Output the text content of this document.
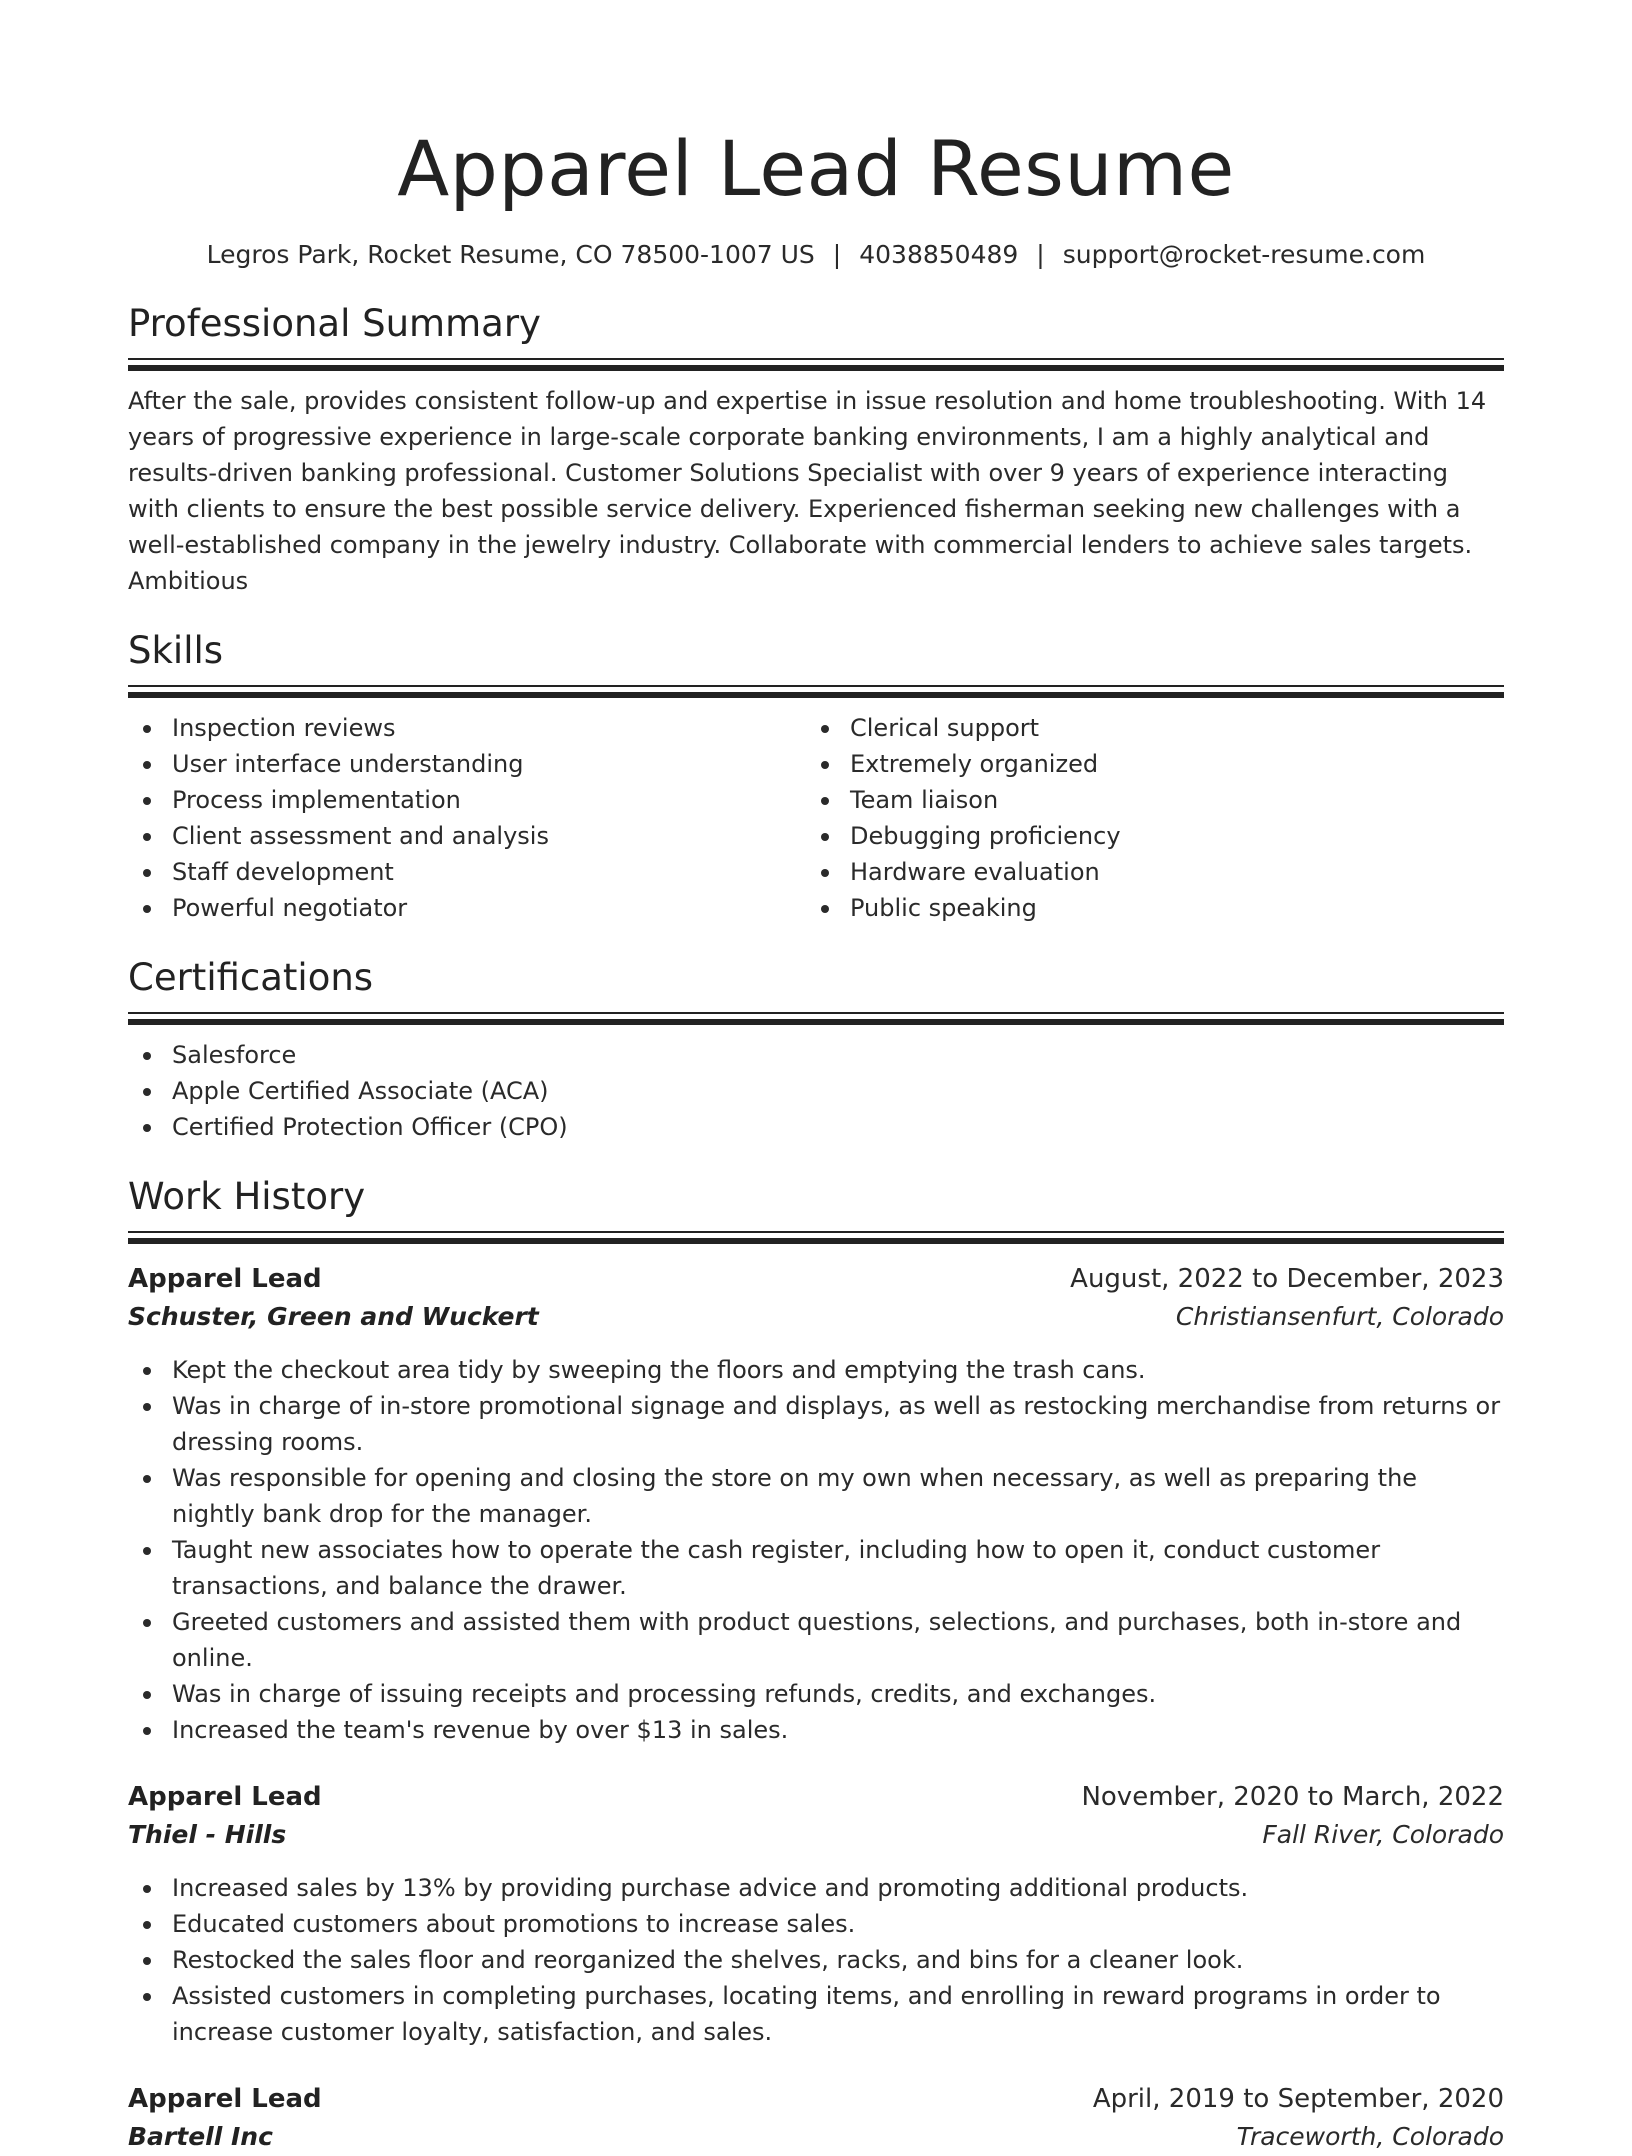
Apparel Lead Resume
Legros Park, Rocket Resume, CO 78500-1007 US | 4038850489 | support@rocket-resume.com
Professional Summary

After the sale, provides consistent follow-up and expertise in issue resolution and home troubleshooting. With 14 years of progressive experience in large-scale corporate banking environments, I am a highly analytical and results-driven banking professional. Customer Solutions Specialist with over 9 years of experience interacting with clients to ensure the best possible service delivery. Experienced fisherman seeking new challenges with a well-established company in the jewelry industry. Collaborate with commercial lenders to achieve sales targets. Ambitious

Skills
Inspection reviews
User interface understanding
Process implementation
Client assessment and analysis
Staff development
Powerful negotiator
Clerical support
Extremely organized
Team liaison
Debugging proficiency
Hardware evaluation
Public speaking
Certifications
Salesforce
Apple Certified Associate (ACA)
Certified Protection Officer (CPO)
Work History
Apparel Lead	August, 2022 to December, 2023
Schuster, Green and Wuckert	Christiansenfurt, Colorado
Kept the checkout area tidy by sweeping the floors and emptying the trash cans.
Was in charge of in-store promotional signage and displays, as well as restocking merchandise from returns or dressing rooms.
Was responsible for opening and closing the store on my own when necessary, as well as preparing the nightly bank drop for the manager.
Taught new associates how to operate the cash register, including how to open it, conduct customer transactions, and balance the drawer.
Greeted customers and assisted them with product questions, selections, and purchases, both in-store and online.
Was in charge of issuing receipts and processing refunds, credits, and exchanges.
Increased the team's revenue by over $13 in sales.
Apparel Lead	November, 2020 to March, 2022
Thiel - Hills	Fall River, Colorado
Increased sales by 13% by providing purchase advice and promoting additional products.
Educated customers about promotions to increase sales.
Restocked the sales floor and reorganized the shelves, racks, and bins for a cleaner look.
Assisted customers in completing purchases, locating items, and enrolling in reward programs in order to increase customer loyalty, satisfaction, and sales.
Apparel Lead	April, 2019 to September, 2020
Bartell Inc	Tracеworth, Colorado
